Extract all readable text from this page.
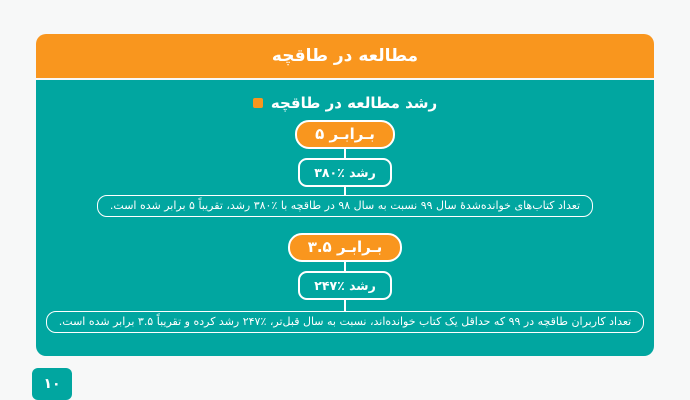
مطالعه در طاقچه
رشد مطالعه در طاقچه
۵ بـرابـر
۳۸۰٪ رشد
تعداد کتاب‌های خوانده‌شدهٔ سال ۹۹ نسبت به سال ۹۸ در طاقچه با ٪۳۸۰ رشد، تقریباً ۵ برابر شده است.
۳.۵ بـرابـر
۲۴۷٪ رشد
تعداد کاربران طاقچه در ۹۹ که حداقل یک کتاب خوانده‌اند، نسبت به سال قبل‌تر، ٪۲۴۷ رشد کرده و تقریباً ۳.۵ برابر شده است.
۱۰
